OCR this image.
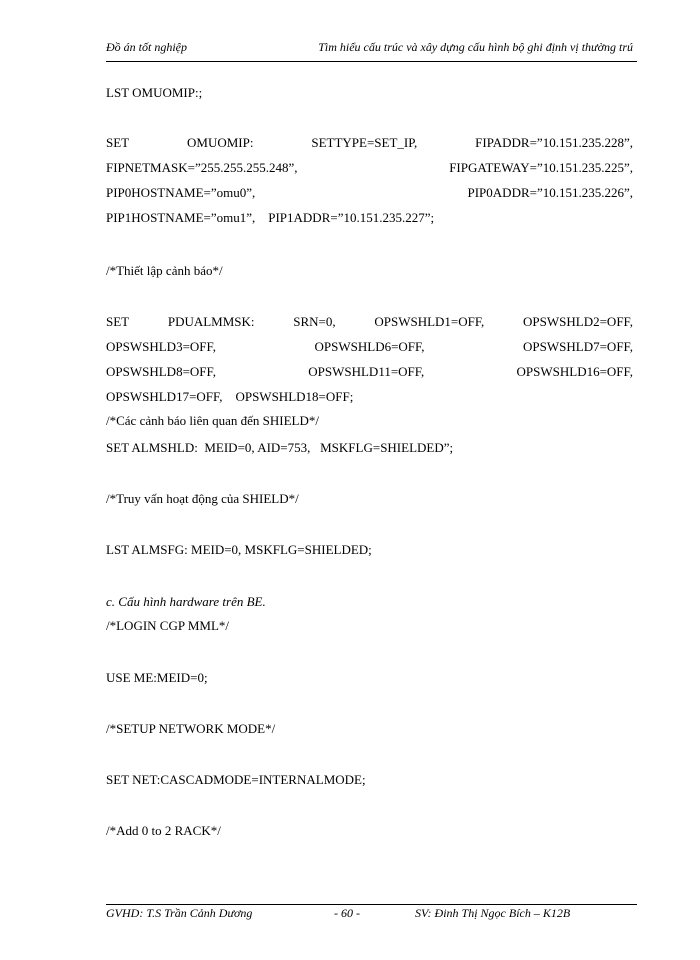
Đồ án tốt nghiệp	Tìm hiểu cấu trúc và xây dựng cấu hình bộ ghi định vị thường trú
LST OMUOMIP:;
SET	OMUOMIP:	SETTYPE=SET_IP,	FIPADDR=”10.151.235.228”,
FIPNETMASK=”255.255.255.248”,	FIPGATEWAY=”10.151.235.225”,
PIP0HOSTNAME=”omu0”,	PIP0ADDR=”10.151.235.226”,
PIP1HOSTNAME=”omu1”,    PIP1ADDR=”10.151.235.227”;
/*Thiết lập cảnh báo*/
SET	PDUALMMSK:	SRN=0,	OPSWSHLD1=OFF,	OPSWSHLD2=OFF,
OPSWSHLD3=OFF,	OPSWSHLD6=OFF,	OPSWSHLD7=OFF,
OPSWSHLD8=OFF,	OPSWSHLD11=OFF,	OPSWSHLD16=OFF,
OPSWSHLD17=OFF,    OPSWSHLD18=OFF;
/*Các cảnh báo liên quan đến SHIELD*/
SET ALMSHLD:  MEID=0, AID=753,   MSKFLG=SHIELDED”;
/*Truy vấn hoạt động của SHIELD*/
LST ALMSFG: MEID=0, MSKFLG=SHIELDED;
c. Cấu hình hardware trên BE.
/*LOGIN CGP MML*/
USE ME:MEID=0;
/*SETUP NETWORK MODE*/
SET NET:CASCADMODE=INTERNALMODE;
/*Add 0 to 2 RACK*/
GVHD: T.S Trần Cảnh Dương	- 60 -	SV: Đinh Thị Ngọc Bích – K12B
